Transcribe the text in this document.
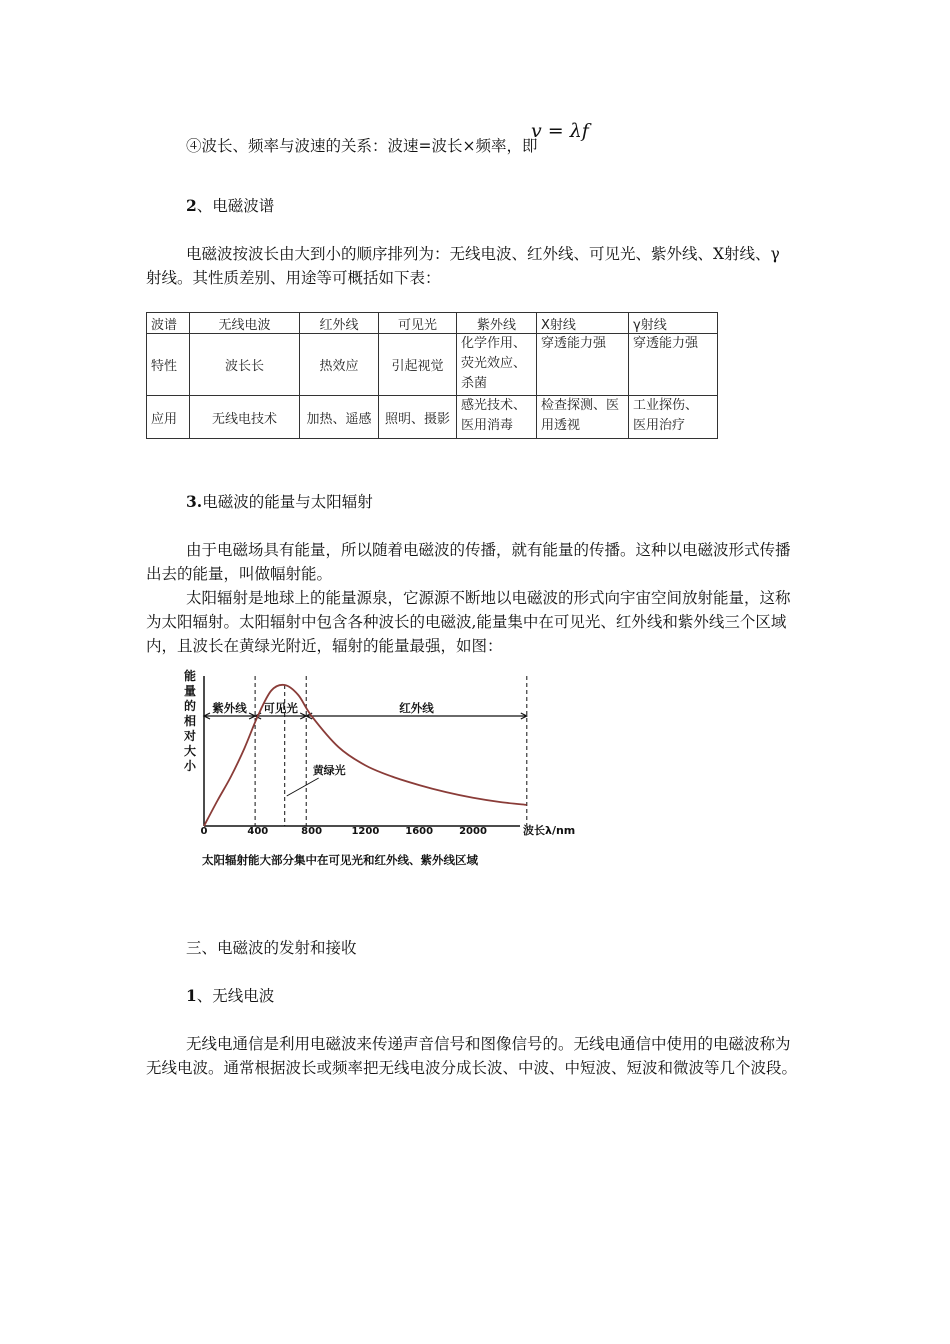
④波长、频率与波速的关系：波速=波长×频率，即
v = λf
2、电磁波谱
电磁波按波长由大到小的顺序排列为：无线电波、红外线、可见光、紫外线、X射线、γ
射线。其性质差别、用途等可概括如下表：
波谱	无线电波	红外线	可见光	紫外线	X射线	γ射线
特性	波长长	热效应	引起视觉	化学作用、
荧光效应、
杀菌	穿透能力强	穿透能力强
应用	无线电技术	加热、遥感	照明、摄影	感光技术、
医用消毒	检查探测、医
用透视	工业探伤、
医用治疗
3.电磁波的能量与太阳辐射
由于电磁场具有能量，所以随着电磁波的传播，就有能量的传播。这种以电磁波形式传播
出去的能量，叫做幅射能。
太阳辐射是地球上的能量源泉，它源源不断地以电磁波的形式向宇宙空间放射能量，这称
为太阳辐射。太阳辐射中包含各种波长的电磁波,能量集中在可见光、红外线和紫外线三个区域
内，且波长在黄绿光附近，辐射的能量最强，如图：
能
量
的
相
对
大
小
紫外线 可见光	红外线
0	400	800	1200	1600	2000	波长λ/nm
黄绿光
太阳辐射能大部分集中在可见光和红外线、紫外线区域
三、电磁波的发射和接收
1、无线电波
无线电通信是利用电磁波来传递声音信号和图像信号的。无线电通信中使用的电磁波称为
无线电波。通常根据波长或频率把无线电波分成长波、中波、中短波、短波和微波等几个波段。
